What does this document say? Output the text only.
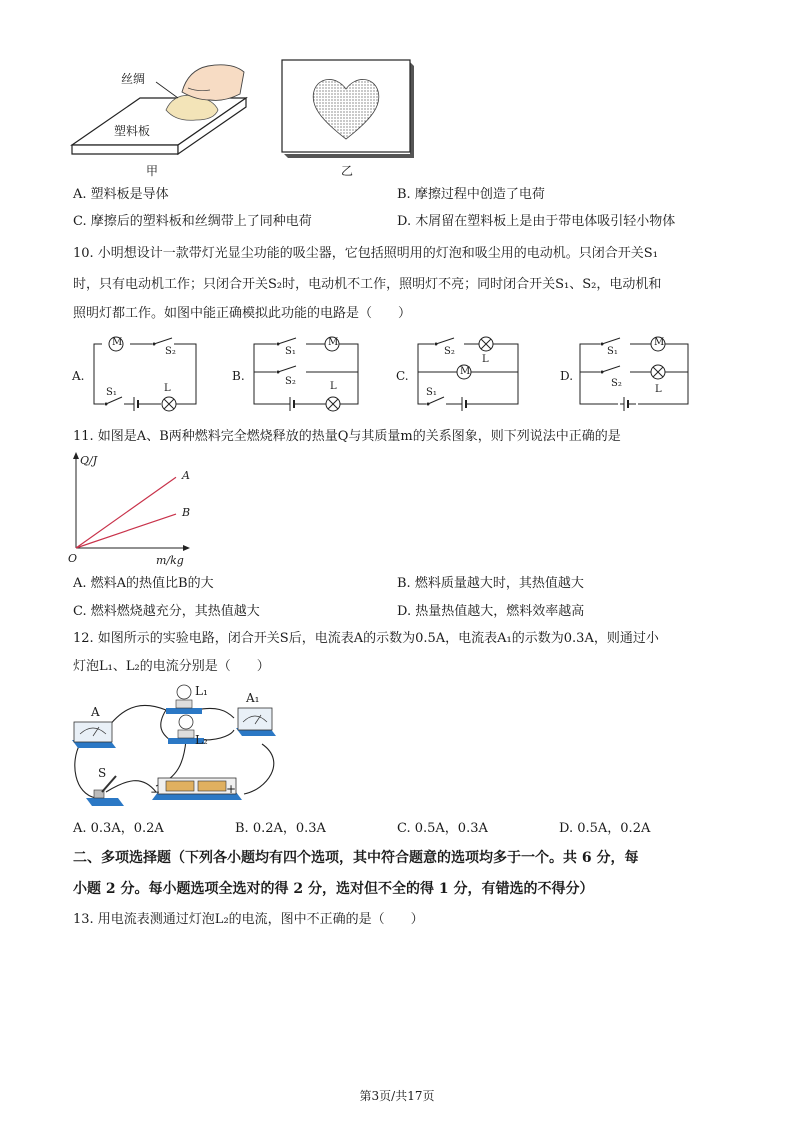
丝绸
塑料板
甲	乙
A. 塑料板是导体	B. 摩擦过程中创造了电荷
C. 摩擦后的塑料板和丝绸带上了同种电荷	D. 木屑留在塑料板上是由于带电体吸引轻小物体
10. 小明想设计一款带灯光显尘功能的吸尘器，它包括照明用的灯泡和吸尘用的电动机。只闭合开关S₁
时，只有电动机工作；只闭合开关S₂时，电动机不工作，照明灯不亮；同时闭合开关S₁、S₂，电动机和
照明灯都工作。如图中能正确模拟此功能的电路是（　　）
A.
M
S₂
S₁	L
B.
S₁
M
S₂	L
C.
S₂
L
M
S₁
D.
S₁
M
S₂
L
11. 如图是A、B两种燃料完全燃烧释放的热量Q与其质量m的关系图象，则下列说法中正确的是
A
B
Q/J
m/kg
O
A. 燃料A的热值比B的大	B. 燃料质量越大时，其热值越大
C. 燃料燃烧越充分，其热值越大	D. 热量热值越大，燃料效率越高
12. 如图所示的实验电路，闭合开关S后，电流表A的示数为0.5A，电流表A₁的示数为0.3A，则通过小
灯泡L₁、L₂的电流分别是（　　）
A
A₁
L₁
L₂
S
−	+
A. 0.3A，0.2A	B. 0.2A，0.3A	C. 0.5A，0.3A	D. 0.5A，0.2A
二、多项选择题（下列各小题均有四个选项，其中符合题意的选项均多于一个。共 6 分，每
小题 2 分。每小题选项全选对的得 2 分，选对但不全的得 1 分，有错选的不得分）
13. 用电流表测通过灯泡L₂的电流，图中不正确的是（　　）
第3页/共17页
